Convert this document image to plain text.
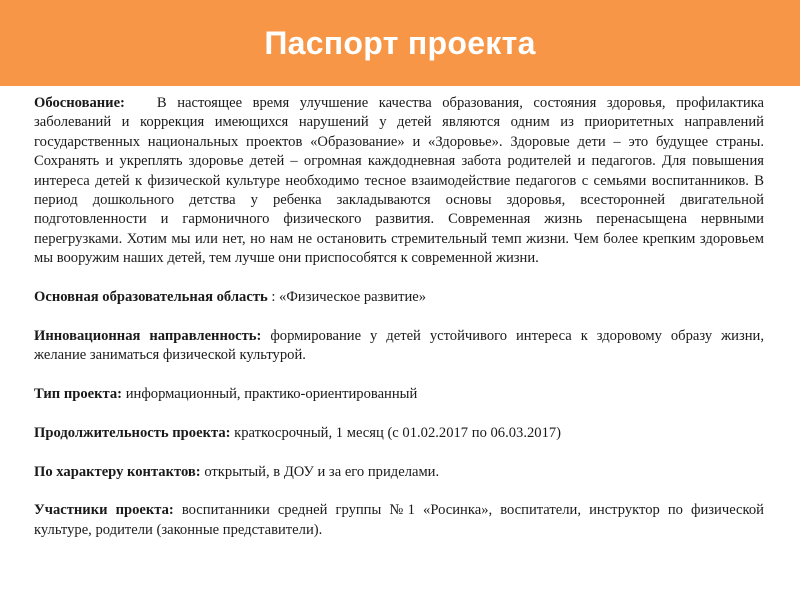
Паспорт проекта

Обоснование: В настоящее время улучшение качества образования, состояния здоровья, профилактика заболеваний и коррекция имеющихся нарушений у детей являются одним из приоритетных направлений государственных национальных проектов «Образование» и «Здоровье». Здоровые дети – это будущее страны. Сохранять и укреплять здоровье детей – огромная каждодневная забота родителей и педагогов. Для повышения интереса детей к физической культуре необходимо тесное взаимодействие педагогов с семьями воспитанников. В период дошкольного детства у ребенка закладываются основы здоровья, всесторонней двигательной подготовленности и гармоничного физического развития. Современная жизнь перенасыщена нервными перегрузками. Хотим мы или нет, но нам не остановить стремительный темп жизни. Чем более крепким здоровьем мы вооружим наших детей, тем лучше они приспособятся к современной жизни.

Основная образовательная область : «Физическое развитие»

Инновационная направленность: формирование у детей устойчивого интереса к здоровому образу жизни, желание заниматься физической культурой.

Тип проекта: информационный, практико-ориентированный

Продолжительность проекта: краткосрочный, 1 месяц (с 01.02.2017 по 06.03.2017)

По характеру контактов: открытый, в ДОУ и за его приделами.

Участники проекта: воспитанники средней группы №1 «Росинка», воспитатели, инструктор по физической культуре, родители (законные представители).
